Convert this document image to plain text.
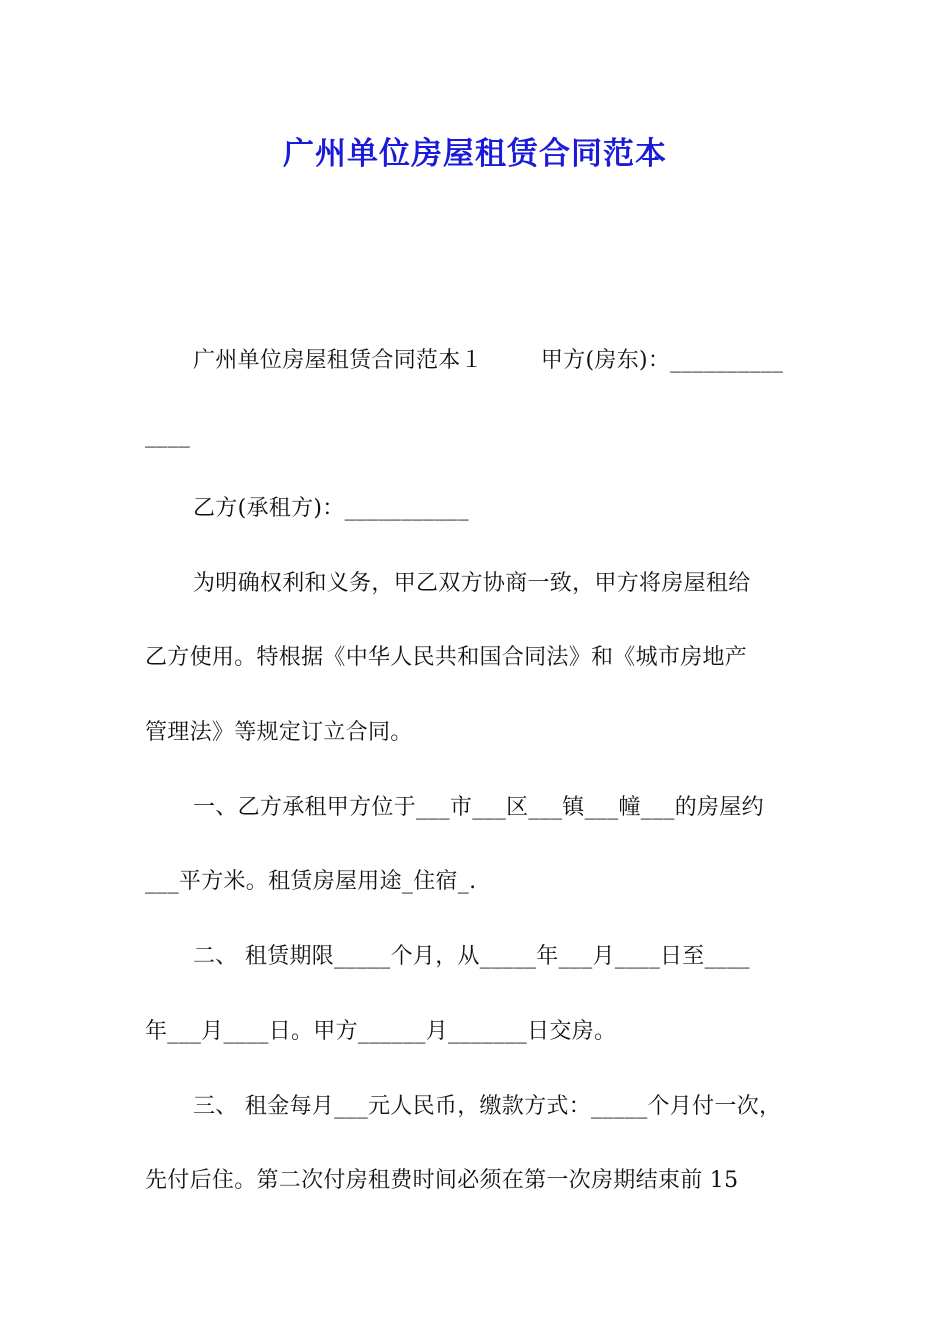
广州单位房屋租赁合同范本
广州单位房屋租赁合同范本１	甲方(房东)：__________
____
乙方(承租方)：___________
为明确权利和义务，甲乙双方协商一致，甲方将房屋租给
乙方使用。特根据《中华人民共和国合同法》和《城市房地产
管理法》等规定订立合同。
一、乙方承租甲方位于___市___区___镇___幢___的房屋约
___平方米。租赁房屋用途_住宿_.
二、 租赁期限_____个月，从_____年___月____日至____
年___月____日。甲方______月_______日交房。
三、 租金每月___元人民币，缴款方式：_____个月付一次，
先付后住。第二次付房租费时间必须在第一次房期结束前 15
